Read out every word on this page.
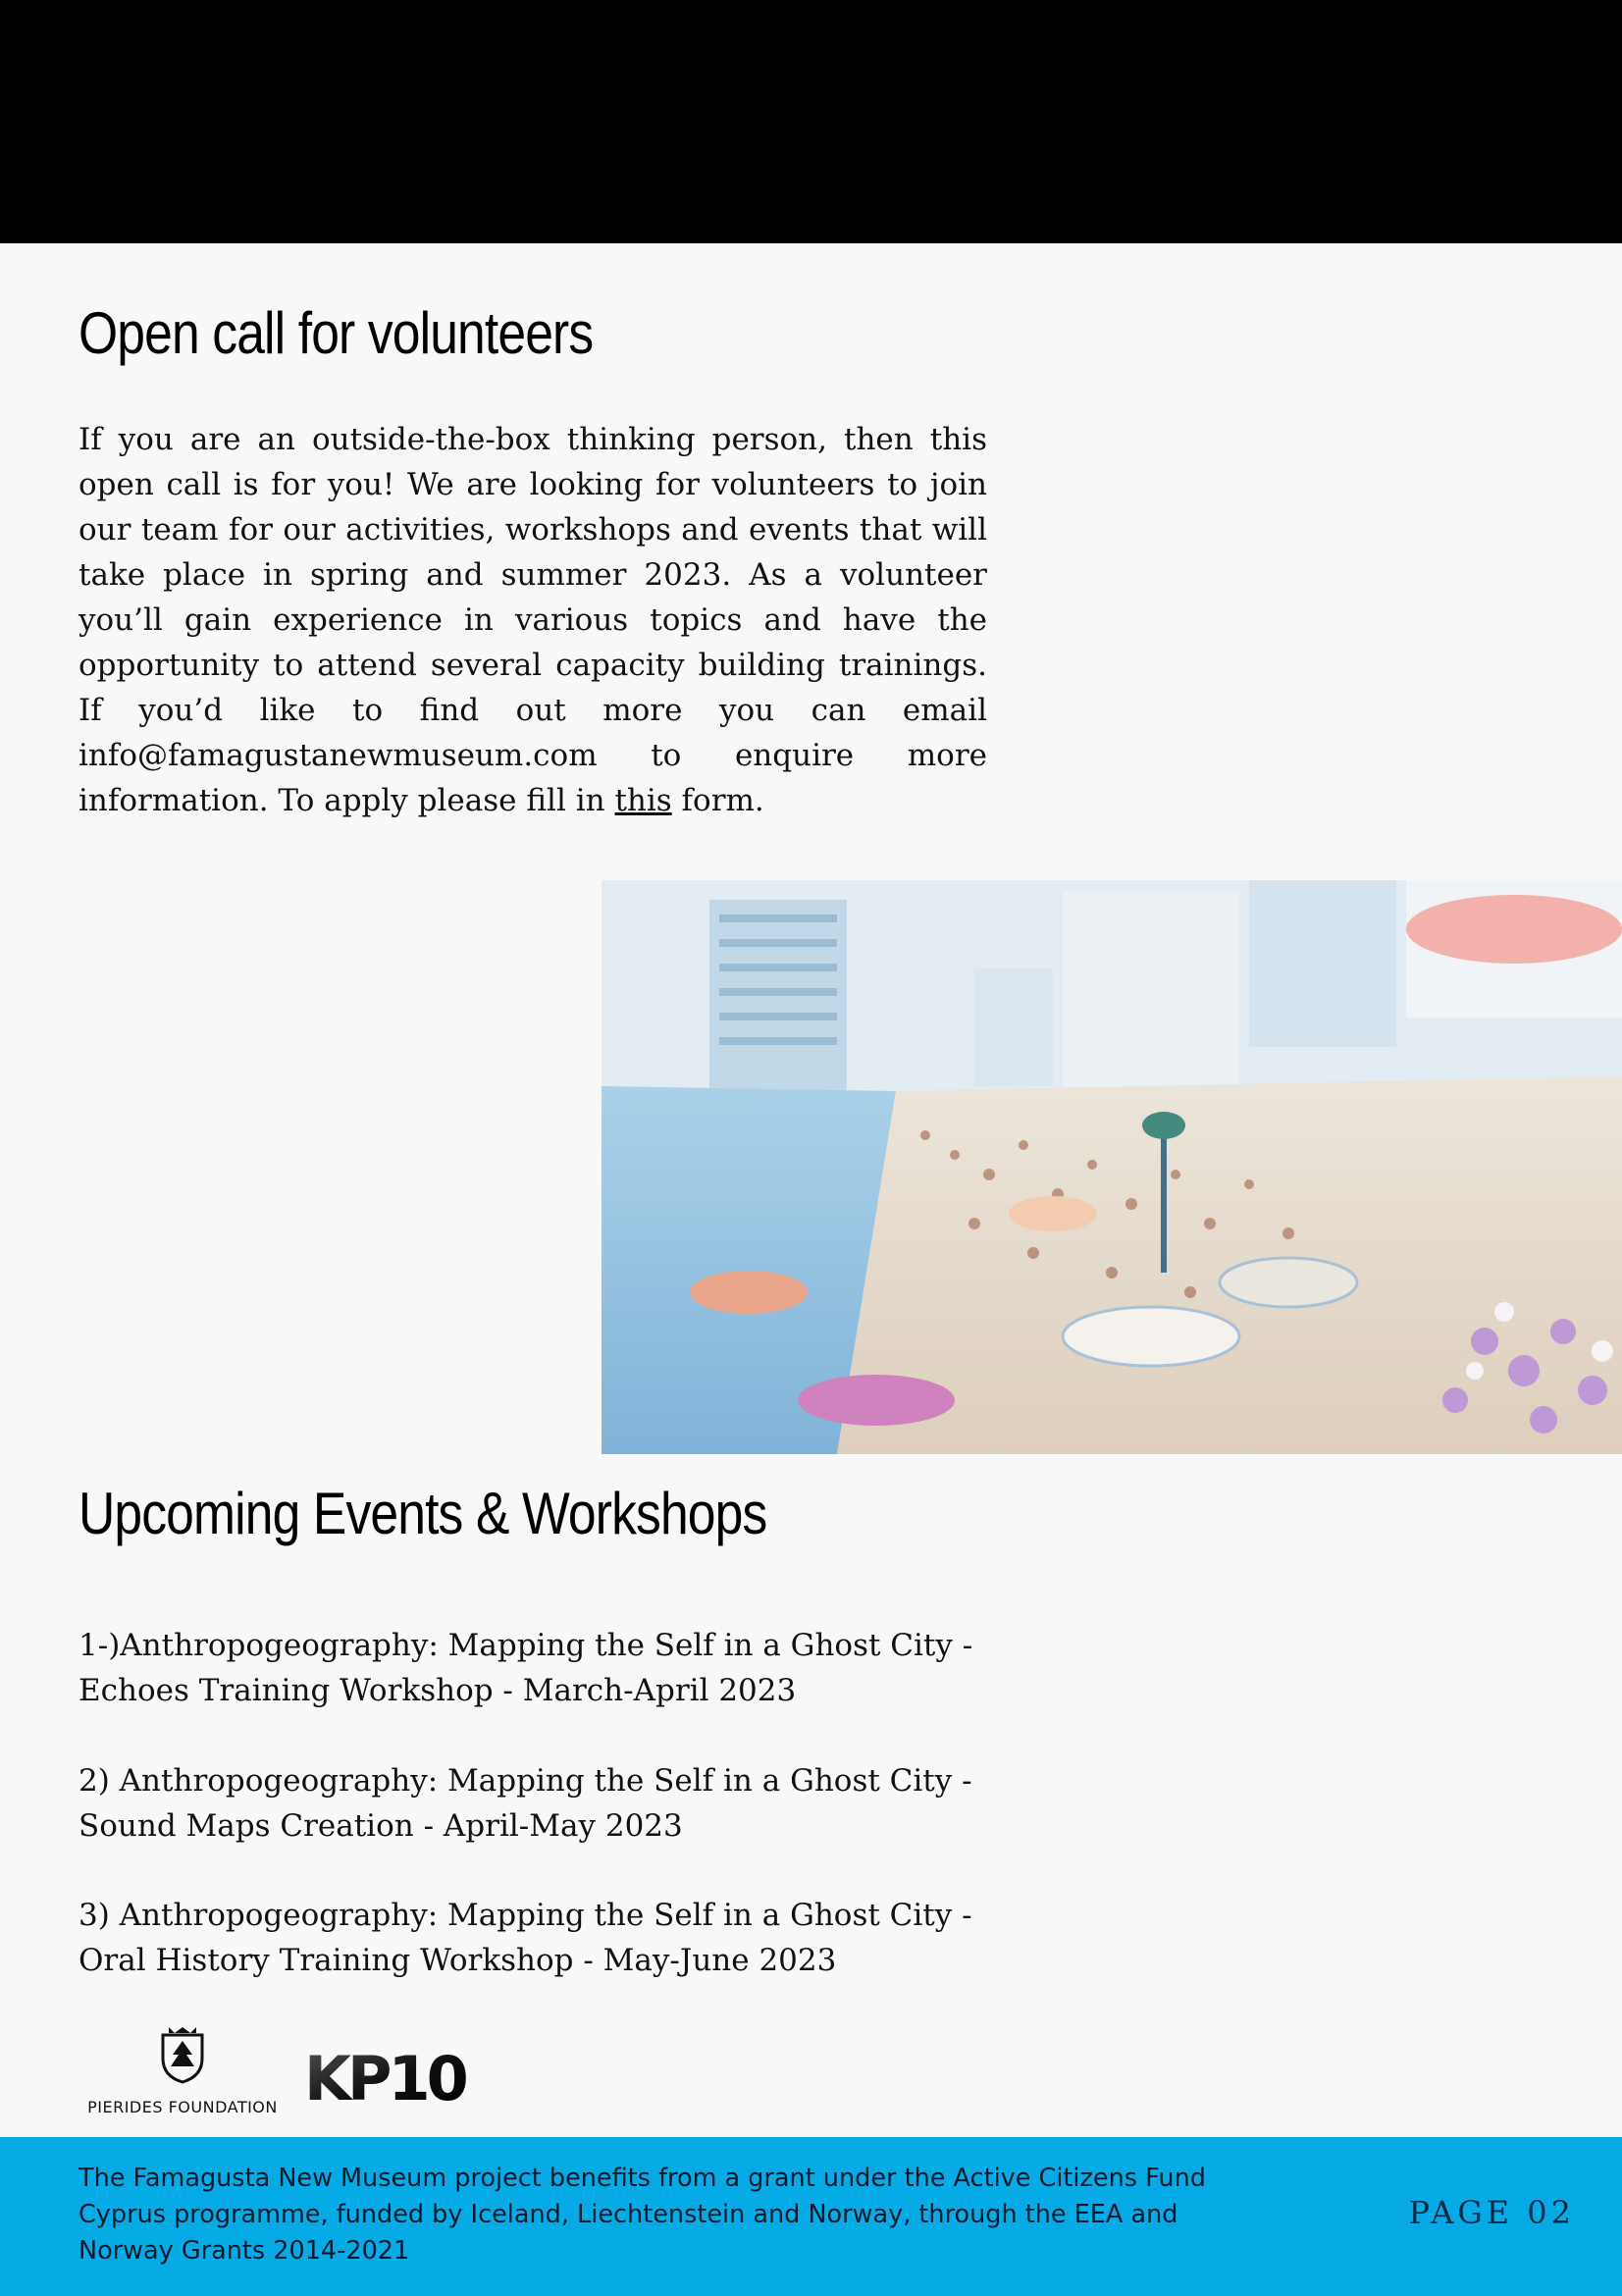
Open call for volunteers

If you are an outside-the-box thinking person, then this open call is for you! We are looking for volunteers to join our team for our activities, workshops and events that will take place in spring and summer 2023. As a volunteer you’ll gain experience in various topics and have the opportunity to attend several capacity building trainings. If you’d like to find out more you can email info@famagustanewmuseum.com to enquire more information. To apply please fill in this form.

Upcoming Events & Workshops

1-)Anthropogeography: Mapping the Self in a Ghost City - Echoes Training Workshop - March-April 2023

2) Anthropogeography: Mapping the Self in a Ghost City - Sound Maps Creation - April-May 2023

3) Anthropogeography: Mapping the Self in a Ghost City - Oral History Training Workshop - May-June 2023

PIERIDES FOUNDATION KP10

The Famagusta New Museum project benefits from a grant under the Active Citizens Fund Cyprus programme, funded by Iceland, Liechtenstein and Norway, through the EEA and Norway Grants 2014-2021

PAGE 02
